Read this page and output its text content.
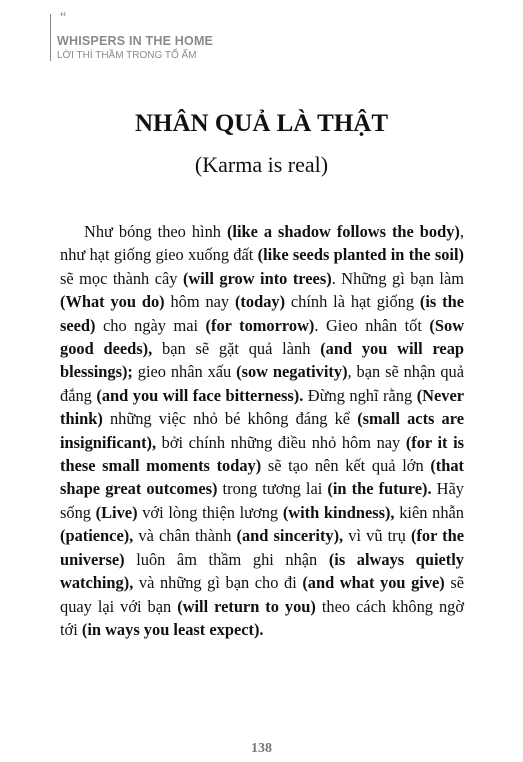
“
WHISPERS IN THE HOME
LỜI THÌ THẦM TRONG TỔ ẤM
NHÂN QUẢ LÀ THẬT
(Karma is real)

Như bóng theo hình (like a shadow follows the body), như hạt giống gieo xuống đất (like seeds planted in the soil) sẽ mọc thành cây (will grow into trees). Những gì bạn làm (What you do) hôm nay (today) chính là hạt giống (is the seed) cho ngày mai (for tomorrow). Gieo nhân tốt (Sow good deeds), bạn sẽ gặt quả lành (and you will reap blessings); gieo nhân xấu (sow negativity), bạn sẽ nhận quả đắng (and you will face bitterness). Đừng nghĩ rằng (Never think) những việc nhỏ bé không đáng kể (small acts are insignificant), bởi chính những điều nhỏ hôm nay (for it is these small moments today) sẽ tạo nên kết quả lớn (that shape great outcomes) trong tương lai (in the future). Hãy sống (Live) với lòng thiện lương (with kindness), kiên nhẫn (patience), và chân thành (and sincerity), vì vũ trụ (for the universe) luôn âm thầm ghi nhận (is always quietly watching), và những gì bạn cho đi (and what you give) sẽ quay lại với bạn (will return to you) theo cách không ngờ tới (in ways you least expect).

138
